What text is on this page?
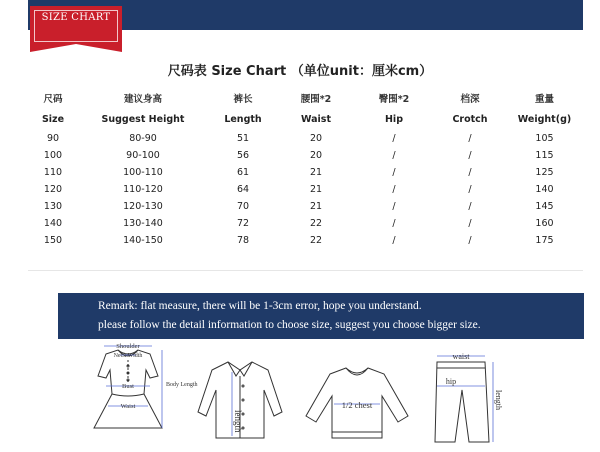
SIZE CHART
尺码表 Size Chart （单位unit：厘米cm）
尺码	建议身高	裤长	腰围*2	臀围*2	档深	重量
Size	Suggest Height	Length	Waist	Hip	Crotch	Weight(g)
90	80-90	51	20	/	/	105
100	90-100	56	20	/	/	115
110	100-110	61	21	/	/	125
120	110-120	64	21	/	/	140
130	120-130	70	21	/	/	145
140	130-140	72	22	/	/	160
150	140-150	78	22	/	/	175
Remark: flat measure, there will be 1-3cm error, hope you understand.
please follow the detail information to choose size, suggest you choose bigger size.
Shoulder
Neck Width
Bust
Waist
Body Length
length
1/2 chest
waist
hip
length
